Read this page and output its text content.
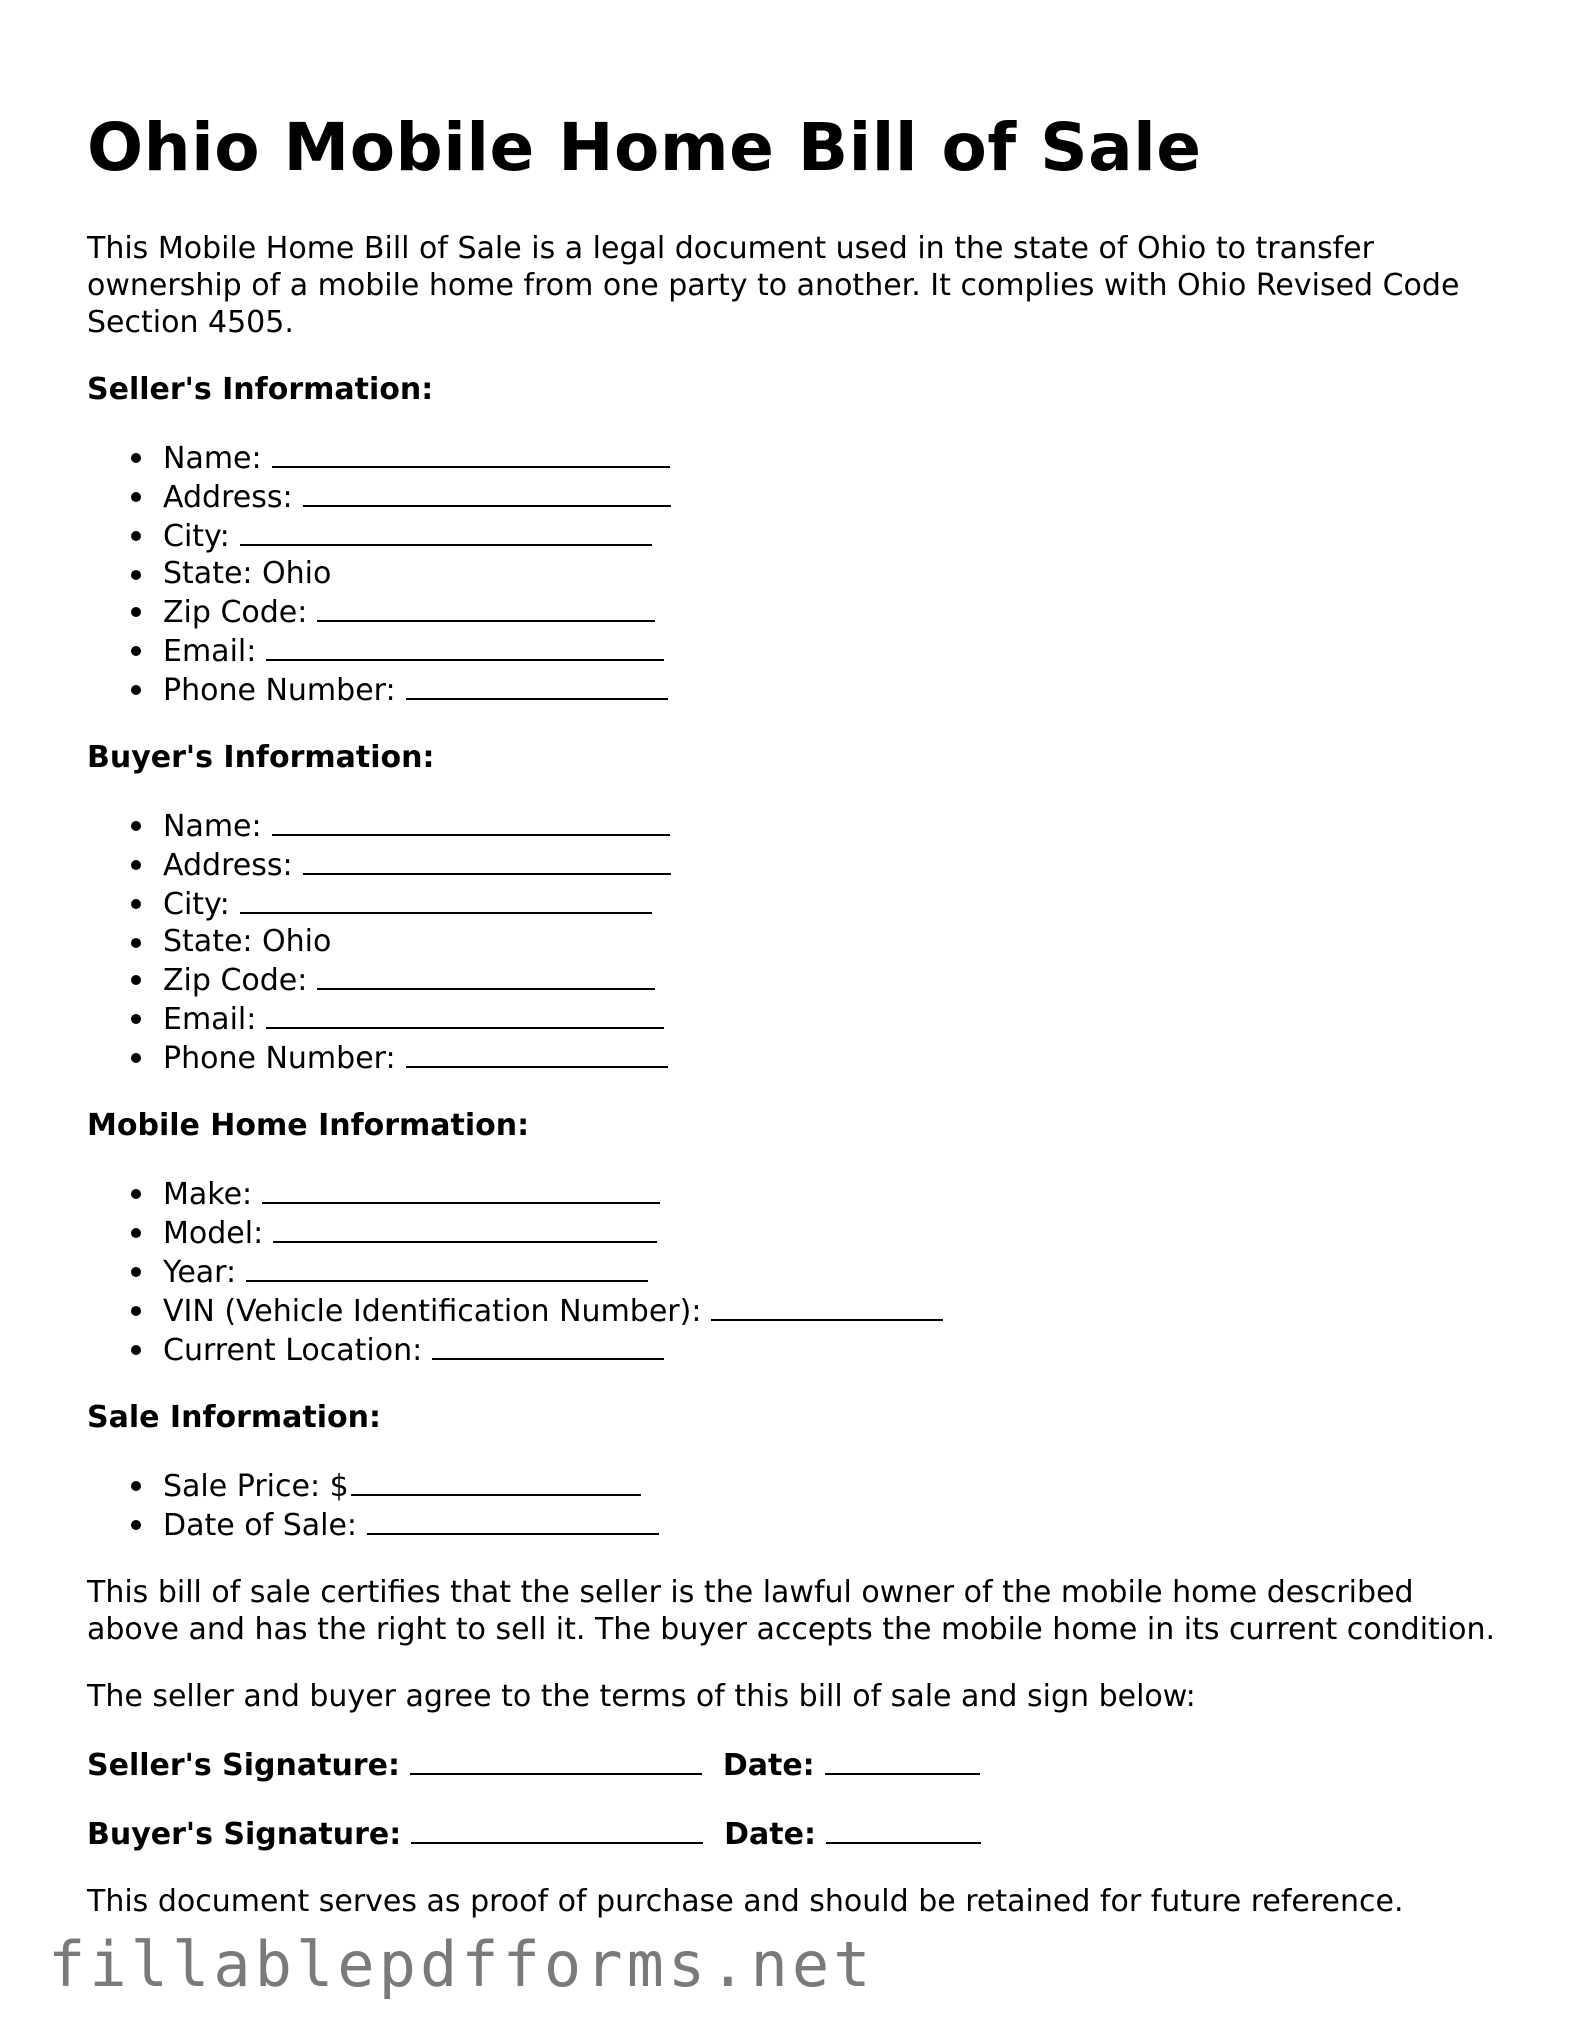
Ohio Mobile Home Bill of Sale

This Mobile Home Bill of Sale is a legal document used in the state of Ohio to transfer ownership of a mobile home from one party to another. It complies with Ohio Revised Code Section 4505.

Seller's Information:
Name:
Address:
City:
State: Ohio
Zip Code:
Email:
Phone Number:
Buyer's Information:
Name:
Address:
City:
State: Ohio
Zip Code:
Email:
Phone Number:
Mobile Home Information:
Make:
Model:
Year:
VIN (Vehicle Identification Number):
Current Location:
Sale Information:
Sale Price: $
Date of Sale:

This bill of sale certifies that the seller is the lawful owner of the mobile home described above and has the right to sell it. The buyer accepts the mobile home in its current condition.

The seller and buyer agree to the terms of this bill of sale and sign below:

Seller's Signature:	Date:
Buyer's Signature:	Date:

This document serves as proof of purchase and should be retained for future reference.

fillablepdfforms.net
